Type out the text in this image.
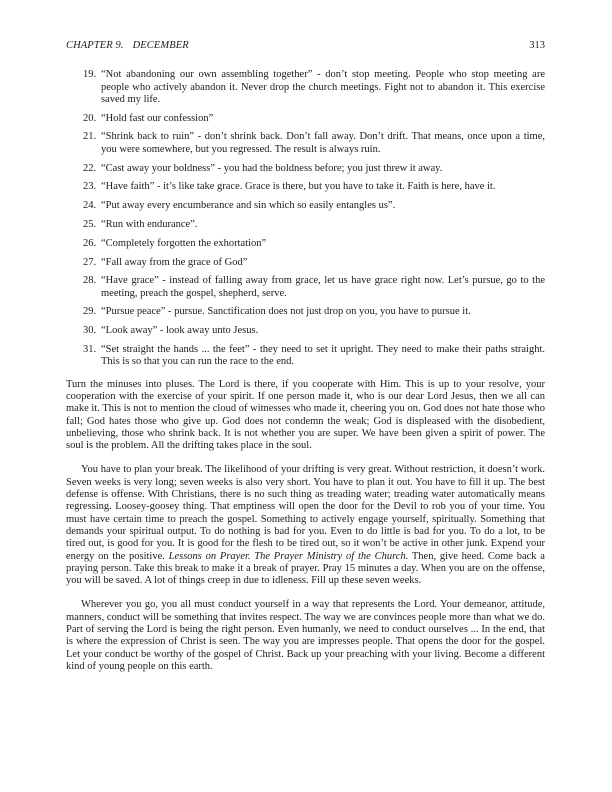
CHAPTER 9. DECEMBER	313
19. “Not abandoning our own assembling together” - don’t stop meeting. People who stop meeting are people who actively abandon it. Never drop the church meetings. Fight not to abandon it. This exercise saved my life.
20. “Hold fast our confession”
21. “Shrink back to ruin” - don’t shrink back. Don’t fall away. Don’t drift. That means, once upon a time, you were somewhere, but you regressed. The result is always ruin.
22. “Cast away your boldness” - you had the boldness before; you just threw it away.
23. “Have faith” - it’s like take grace. Grace is there, but you have to take it. Faith is here, have it.
24. “Put away every encumberance and sin which so easily entangles us”.
25. “Run with endurance”.
26. “Completely forgotten the exhortation”
27. “Fall away from the grace of God”
28. “Have grace” - instead of falling away from grace, let us have grace right now. Let’s pursue, go to the meeting, preach the gospel, shepherd, serve.
29. “Pursue peace” - pursue. Sanctification does not just drop on you, you have to pursue it.
30. “Look away” - look away unto Jesus.
31. “Set straight the hands ... the feet” - they need to set it upright. They need to make their paths straight. This is so that you can run the race to the end.

Turn the minuses into pluses. The Lord is there, if you cooperate with Him. This is up to your resolve, your cooperation with the exercise of your spirit. If one person made it, who is our dear Lord Jesus, then we all can make it. This is not to mention the cloud of witnesses who made it, cheering you on. God does not hate those who fall; God hates those who give up. God does not condemn the weak; God is displeased with the disobedient, unbelieving, those who shrink back. It is not whether you are super. We have been given a spirit of power. The soul is the problem. All the drifting takes place in the soul.

You have to plan your break. The likelihood of your drifting is very great. Without restriction, it doesn’t work. Seven weeks is very long; seven weeks is also very short. You have to plan it out. You have to fill it up. The best defense is offense. With Christians, there is no such thing as treading water; treading water automatically means regressing. Loosey-goosey thing. That emptiness will open the door for the Devil to rob you of your time. You must have certain time to preach the gospel. Something to actively engage yourself, spiritually. Something that demands your spiritual output. To do nothing is bad for you. Even to do little is bad for you. To do a lot, to be tired out, is good for you. It is good for the flesh to be tired out, so it won’t be active in other junk. Expend your energy on the positive. Lessons on Prayer. The Prayer Ministry of the Church. Then, give heed. Come back a praying person. Take this break to make it a break of prayer. Pray 15 minutes a day. When you are on the offense, you will be saved. A lot of things creep in due to idleness. Fill up these seven weeks.

Wherever you go, you all must conduct yourself in a way that represents the Lord. Your demeanor, attitude, manners, conduct will be something that invites respect. The way we are convinces people more than what we do. Part of serving the Lord is being the right person. Even humanly, we need to conduct ourselves ... In the end, that is where the expression of Christ is seen. The way you are impresses people. That opens the door for the gospel. Let your conduct be worthy of the gospel of Christ. Back up your preaching with your living. Become a different kind of young people on this earth.
